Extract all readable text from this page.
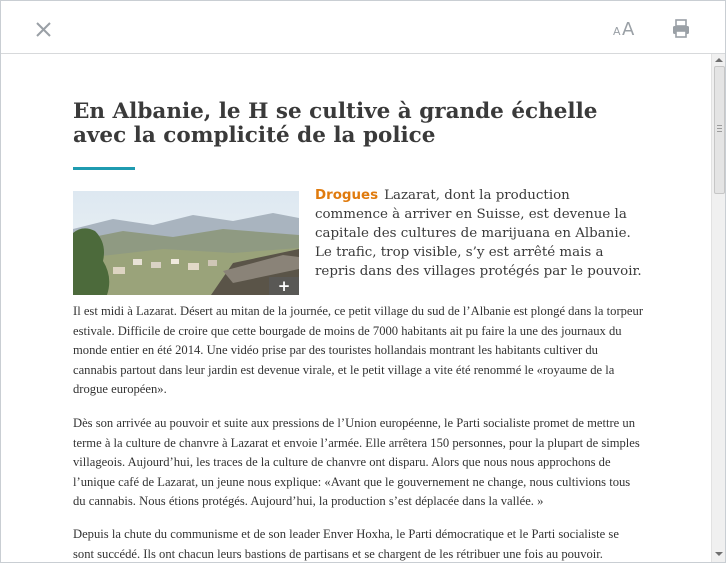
A A
En Albanie, le H se cultive à grande échelle avec la complicité de la police
+

Drogues Lazarat, dont la production commence à arriver en Suisse, est devenue la capitale des cultures de marijuana en Albanie. Le trafic, trop visible, s’y est arrêté mais a repris dans des villages protégés par le pouvoir.

Il est midi à Lazarat. Désert au mitan de la journée, ce petit village du sud de l’Albanie est plongé dans la torpeur estivale. Difficile de croire que cette bourgade de moins de 7000 habitants ait pu faire la une des journaux du monde entier en été 2014. Une vidéo prise par des touristes hollandais montrant les habitants cultiver du cannabis partout dans leur jardin est devenue virale, et le petit village a vite été renommé le «royaume de la drogue européen».

Dès son arrivée au pouvoir et suite aux pressions de l’Union européenne, le Parti socialiste promet de mettre un terme à la culture de chanvre à Lazarat et envoie l’armée. Elle arrêtera 150 personnes, pour la plupart de simples villageois. Aujourd’hui, les traces de la culture de chanvre ont disparu. Alors que nous nous approchons de l’unique café de Lazarat, un jeune nous explique: «Avant que le gouvernement ne change, nous cultivions tous du cannabis. Nous étions protégés. Aujourd’hui, la production s’est déplacée dans la vallée. »

Depuis la chute du communisme et de son leader Enver Hoxha, le Parti démocratique et le Parti socialiste se sont succédé. Ils ont chacun leurs bastions de partisans et se chargent de les rétribuer une fois au pouvoir.
